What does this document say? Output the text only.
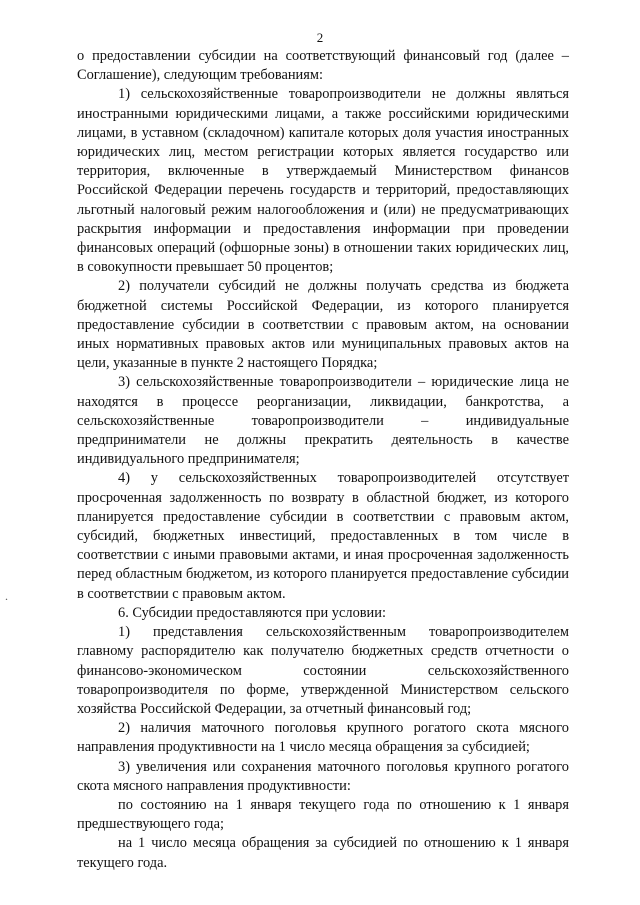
2
.

о предоставлении субсидии на соответствующий финансовый год (далее – Соглашение), следующим требованиям:

1) сельскохозяйственные товаропроизводители не должны являться иностранными юридическими лицами, а также российскими юридическими лицами, в уставном (складочном) капитале которых доля участия иностранных юридических лиц, местом регистрации которых является государство или территория, включенные в утверждаемый Министерством финансов Российской Федерации перечень государств и территорий, предоставляющих льготный налоговый режим налогообложения и (или) не предусматривающих раскрытия информации и предоставления информации при проведении финансовых операций (офшорные зоны) в отношении таких юридических лиц, в совокупности превышает 50 процентов;

2) получатели субсидий не должны получать средства из бюджета бюджетной системы Российской Федерации, из которого планируется предоставление субсидии в соответствии с правовым актом, на основании иных нормативных правовых актов или муниципальных правовых актов на цели, указанные в пункте 2 настоящего Порядка;

3) сельскохозяйственные товаропроизводители – юридические лица не находятся в процессе реорганизации, ликвидации, банкротства, а сельскохозяйственные товаропроизводители – индивидуальные предприниматели не должны прекратить деятельность в качестве индивидуального предпринимателя;

4) у сельскохозяйственных товаропроизводителей отсутствует просроченная задолженность по возврату в областной бюджет, из которого планируется предоставление субсидии в соответствии с правовым актом, субсидий, бюджетных инвестиций, предоставленных в том числе в соответствии с иными правовыми актами, и иная просроченная задолженность перед областным бюджетом, из которого планируется предоставление субсидии в соответствии с правовым актом.

6. Субсидии предоставляются при условии:

1) представления сельскохозяйственным товаропроизводителем главному распорядителю как получателю бюджетных средств отчетности о финансово-экономическом состоянии сельскохозяйственного товаропроизводителя по форме, утвержденной Министерством сельского хозяйства Российской Федерации, за отчетный финансовый год;

2) наличия маточного поголовья крупного рогатого скота мясного направления продуктивности на 1 число месяца обращения за субсидией;

3) увеличения или сохранения маточного поголовья крупного рогатого скота мясного направления продуктивности:

по состоянию на 1 января текущего года по отношению к 1 января предшествующего года;

на 1 число месяца обращения за субсидией по отношению к 1 января текущего года.
